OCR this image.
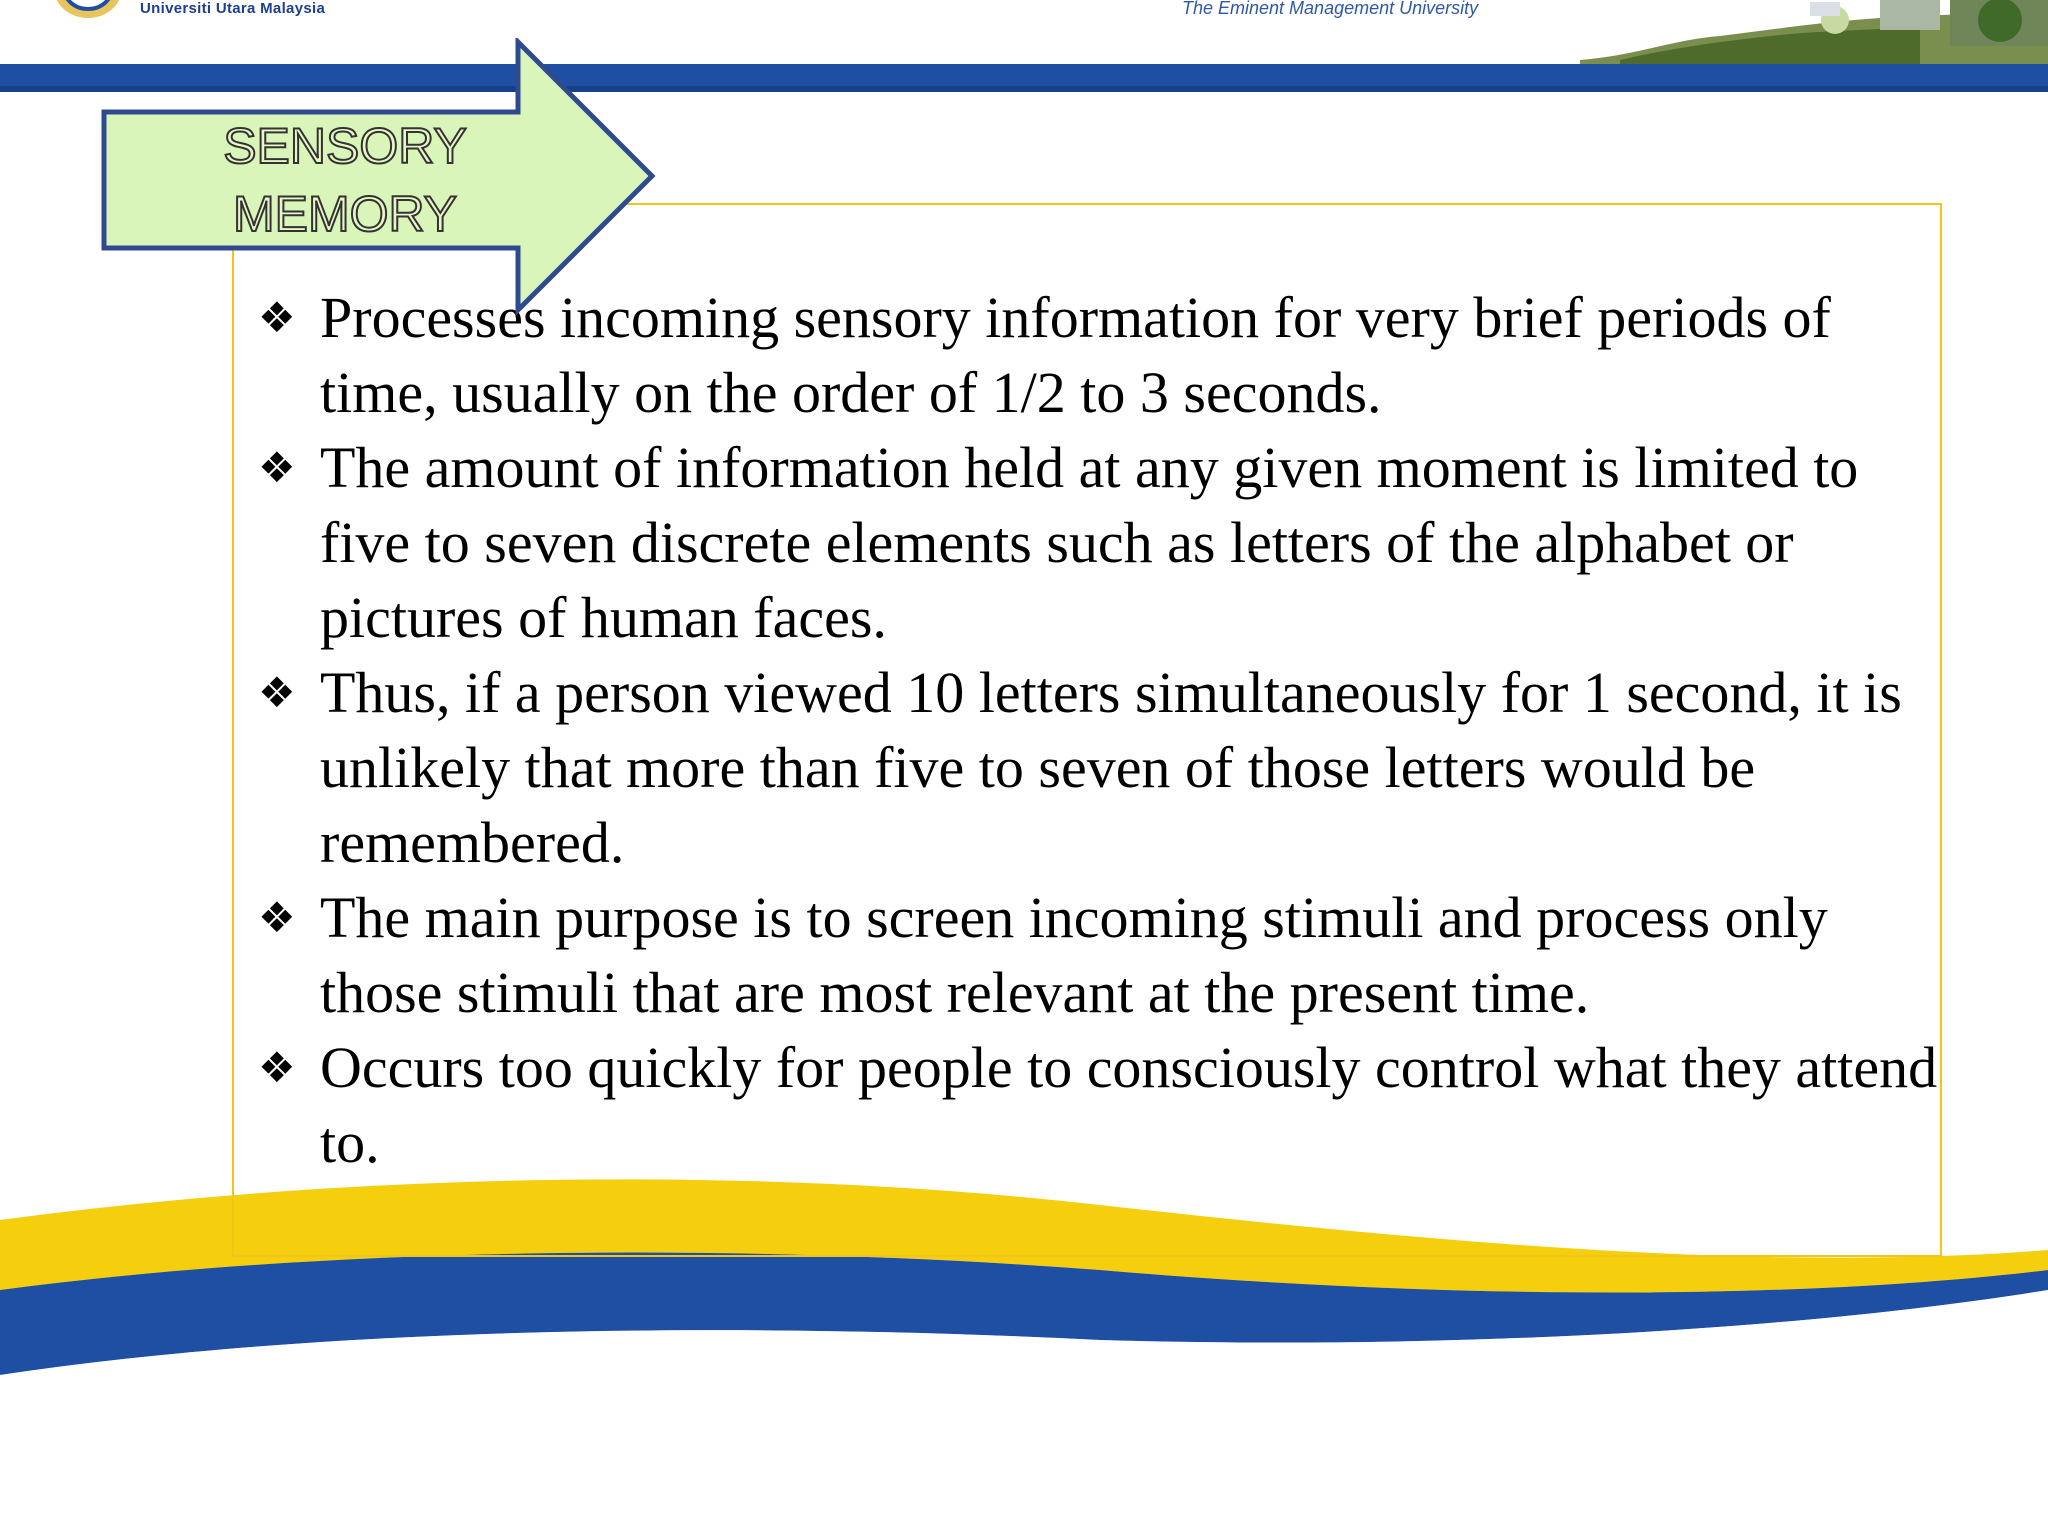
Universiti Utara Malaysia	The Eminent Management University
❖ Processes incoming sensory information for very brief periods of time, usually on the order of 1/2 to 3 seconds.
❖ The amount of information held at any given moment is limited to five to seven discrete elements such as letters of the alphabet or pictures of human faces.
❖ Thus, if a person viewed 10 letters simultaneously for 1 second, it is unlikely that more than five to seven of those letters would be remembered.
❖ The main purpose is to screen incoming stimuli and process only those stimuli that are most relevant at the present time.
❖ Occurs too quickly for people to consciously control what they attend to.
SENSORY MEMORY
